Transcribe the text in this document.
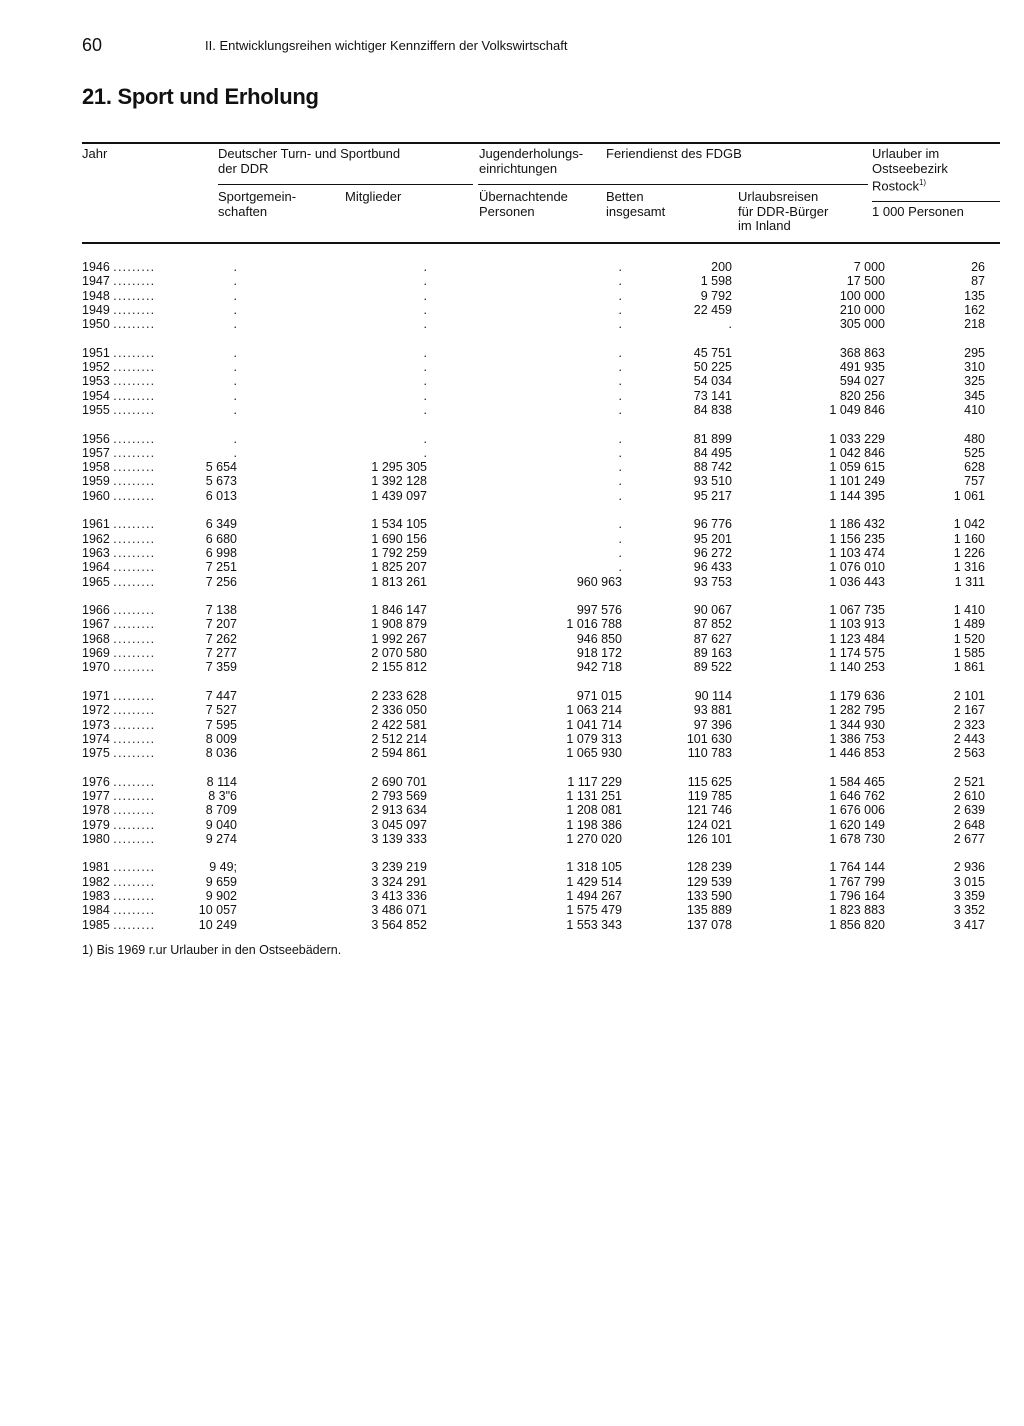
60	II. Entwicklungsreihen wichtiger Kennziffern der Volkswirtschaft
21. Sport und Erholung
Jahr	Deutscher Turn- und Sportbund
der DDR
Jugenderholungs-
einrichtungen
Feriendienst des FDGB	Urlauber im
Ostseebezirk
Rostock$^{1)}$
Sportgemein-
schaften
Mitglieder	Übernachtende
Personen
Betten
insgesamt
Urlaubsreisen
für DDR-Bürger
im Inland
1 000 Personen
1946 .........	.	.	.	200	7 000	26
1947 .........	.	.	.	1 598	17 500	87
1948 .........	.	.	.	9 792	100 000	135
1949 .........	.	.	.	22 459	210 000	162
1950 .........	.	.	.	.	305 000	218

1951 .........	.	.	.	45 751	368 863	295
1952 .........	.	.	.	50 225	491 935	310
1953 .........	.	.	.	54 034	594 027	325
1954 .........	.	.	.	73 141	820 256	345
1955 .........	.	.	.	84 838	1 049 846	410

1956 .........	.	.	.	81 899	1 033 229	480
1957 .........	.	.	.	84 495	1 042 846	525
1958 .........	5 654	1 295 305	.	88 742	1 059 615	628
1959 .........	5 673	1 392 128	.	93 510	1 101 249	757
1960 .........	6 013	1 439 097	.	95 217	1 144 395	1 061

1961 .........	6 349	1 534 105	.	96 776	1 186 432	1 042
1962 .........	6 680	1 690 156	.	95 201	1 156 235	1 160
1963 .........	6 998	1 792 259	.	96 272	1 103 474	1 226
1964 .........	7 251	1 825 207	.	96 433	1 076 010	1 316
1965 .........	7 256	1 813 261	960 963	93 753	1 036 443	1 311

1966 .........	7 138	1 846 147	997 576	90 067	1 067 735	1 410
1967 .........	7 207	1 908 879	1 016 788	87 852	1 103 913	1 489
1968 .........	7 262	1 992 267	946 850	87 627	1 123 484	1 520
1969 .........	7 277	2 070 580	918 172	89 163	1 174 575	1 585
1970 .........	7 359	2 155 812	942 718	89 522	1 140 253	1 861

1971 .........	7 447	2 233 628	971 015	90 114	1 179 636	2 101
1972 .........	7 527	2 336 050	1 063 214	93 881	1 282 795	2 167
1973 .........	7 595	2 422 581	1 041 714	97 396	1 344 930	2 323
1974 .........	8 009	2 512 214	1 079 313	101 630	1 386 753	2 443
1975 .........	8 036	2 594 861	1 065 930	110 783	1 446 853	2 563

1976 .........	8 114	2 690 701	1 117 229	115 625	1 584 465	2 521
1977 .........	8 3"6	2 793 569	1 131 251	119 785	1 646 762	2 610
1978 .........	8 709	2 913 634	1 208 081	121 746	1 676 006	2 639
1979 .........	9 040	3 045 097	1 198 386	124 021	1 620 149	2 648
1980 .........	9 274	3 139 333	1 270 020	126 101	1 678 730	2 677

1981 .........	9 49;	3 239 219	1 318 105	128 239	1 764 144	2 936
1982 .........	9 659	3 324 291	1 429 514	129 539	1 767 799	3 015
1983 .........	9 902	3 413 336	1 494 267	133 590	1 796 164	3 359
1984 .........	10 057	3 486 071	1 575 479	135 889	1 823 883	3 352
1985 .........	10 249	3 564 852	1 553 343	137 078	1 856 820	3 417
1) Bis 1969 r.ur Urlauber in den Ostseebädern.
